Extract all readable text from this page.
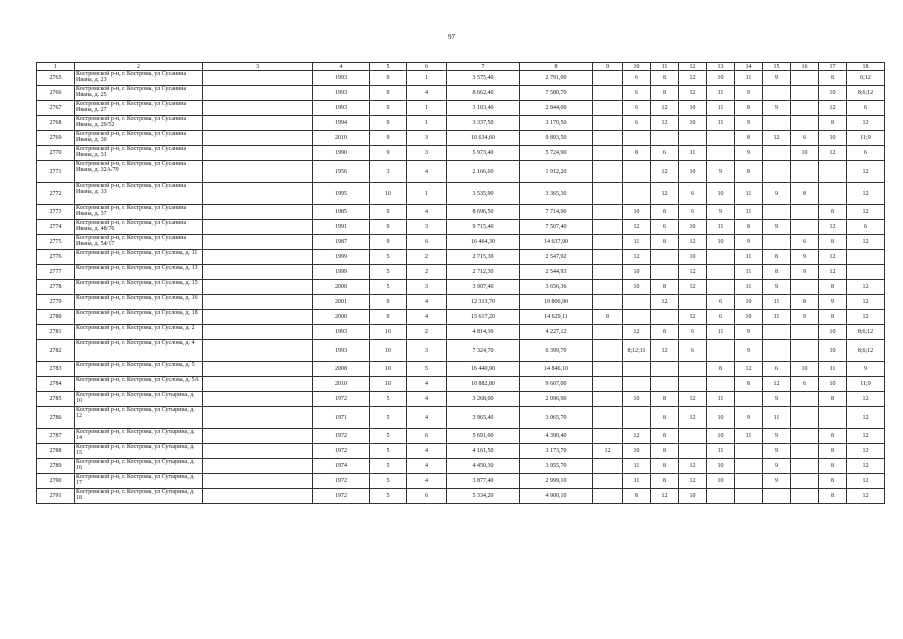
97
1	2	3	4	5	6	7	8	9	10	11	12	13	14	15	16	17	18
2765	Костромской р-н, г. Кострома, ул Сусанина Ивана, д. 23		1993	9	1	3 575,40	2 791,00		6	8	12	10	11	9		8	6;12
2766	Костромской р-н, г. Кострома, ул Сусанина Ивана, д. 25		1993	9	4	8 662,40	7 580,70		6	8	12	11	9			10	8;6;12
2767	Костромской р-н, г. Кострома, ул Сусанина Ивана, д. 27		1993	9	1	3 103,40	2 844,00		6	12	10	11	8	9		12	6
2768	Костромской р-н, г. Кострома, ул Сусанина Ивана, д. 29/52		1994	9	1	3 337,50	3 170,50		6	12	10	11	9			8	12
2769	Костромской р-н, г. Кострома, ул Сусанина Ивана, д. 30		2010	9	3	10 634,60	9 893,50						8	12	6	10	11;9
2770	Костромской р-н, г. Кострома, ул Сусанина Ивана, д. 31		1990	9	3	5 973,40	5 724,90		8	6	11		9		10	12	6
2771	Костромской р-н, г. Кострома, ул Сусанина Ивана, д. 32А/79		1956	3	4	2 166,60	1 912,20			12	10	9	8				12
2772	Костромской р-н, г. Кострома, ул Сусанина Ивана, д. 33		1995	10	1	3 535,90	3 365,30			12	6	10	11	9	8		12
2773	Костромской р-н, г. Кострома, ул Сусанина Ивана, д. 37		1985	9	4	8 696,50	7 714,90		10	8	6	9	11			8	12
2774	Костромской р-н, г. Кострома, ул Сусанина Ивана, д. 48/76		1991	9	3	9 715,40	7 507,40		12	6	10	11	8	9		12	6
2775	Костромской р-н, г. Кострома, ул Сусанина Ивана, д. 54/17		1987	9	6	16 464,30	14 637,90		11	8	12	10	9		6	8	12
2776	Костромской р-н, г. Кострома, ул Суслова, д. 11		1999	5	2	2 715,30	2 547,92		12		10		11	8	9	12	
2777	Костромской р-н, г. Кострома, ул Суслова, д. 13		1999	5	2	2 712,30	2 544,93		10		12		11	8	9	12	
2778	Костромской р-н, г. Кострома, ул Суслова, д. 15		2000	5	3	3 907,40	3 656,36		10	8	12		11	9		8	12
2779	Костромской р-н, г. Кострома, ул Суслова, д. 16		2001	9	4	12 313,70	10 806,90			12		6	10	11	8	9	12
2780	Костромской р-н, г. Кострома, ул Суслова, д. 18		2000	9	4	15 617,20	14 629,11	8			12	6	10	11	9	8	12
2781	Костромской р-н, г. Кострома, ул Суслова, д. 2		1993	10	2	4 814,30	4 227,12		12	8	6	11	9			10	8;6;12
2782	Костромской р-н, г. Кострома, ул Суслова, д. 4		1993	10	3	7 324,70	6 399,70		8;12;11	12	6		9			10	8;6;12
2783	Костромской р-н, г. Кострома, ул Суслова, д. 5		2008	10	5	16 440,90	14 846,10					8	12	6	10	11	9
2784	Костромской р-н, г. Кострома, ул Суслова, д. 5А		2010	10	4	10 882,80	9 607,00						8	12	6	10	11;9
2785	Костромской р-н, г. Кострома, ул Сутырина, д. 10		1972	5	4	3 268,00	2 096,90		10	8	12	11		9		8	12
2786	Костромской р-н, г. Кострома, ул Сутырина, д. 12		1971	5	4	3 965,40	3 065,70			8	12	10	9	11			12
2787	Костромской р-н, г. Кострома, ул Сутырина, д. 14		1972	5	6	5 691,00	4 390,40		12	8		10	11	9		8	12
2788	Костромской р-н, г. Кострома, ул Сутырина, д. 15		1972	5	4	4 161,50	3 173,70	12	10	8		11		9		8	12
2789	Костромской р-н, г. Кострома, ул Сутырина, д. 16		1974	5	4	4 450,30	3 955,70		11	8	12	10		9		8	12
2790	Костромской р-н, г. Кострома, ул Сутырина, д. 17		1972	5	4	3 877,40	2 999,10		11	8	12	10		9		8	12
2791	Костромской р-н, г. Кострома, ул Сутырина, д. 18		1972	5	6	5 334,20	4 900,10		8	12	10					8	12
